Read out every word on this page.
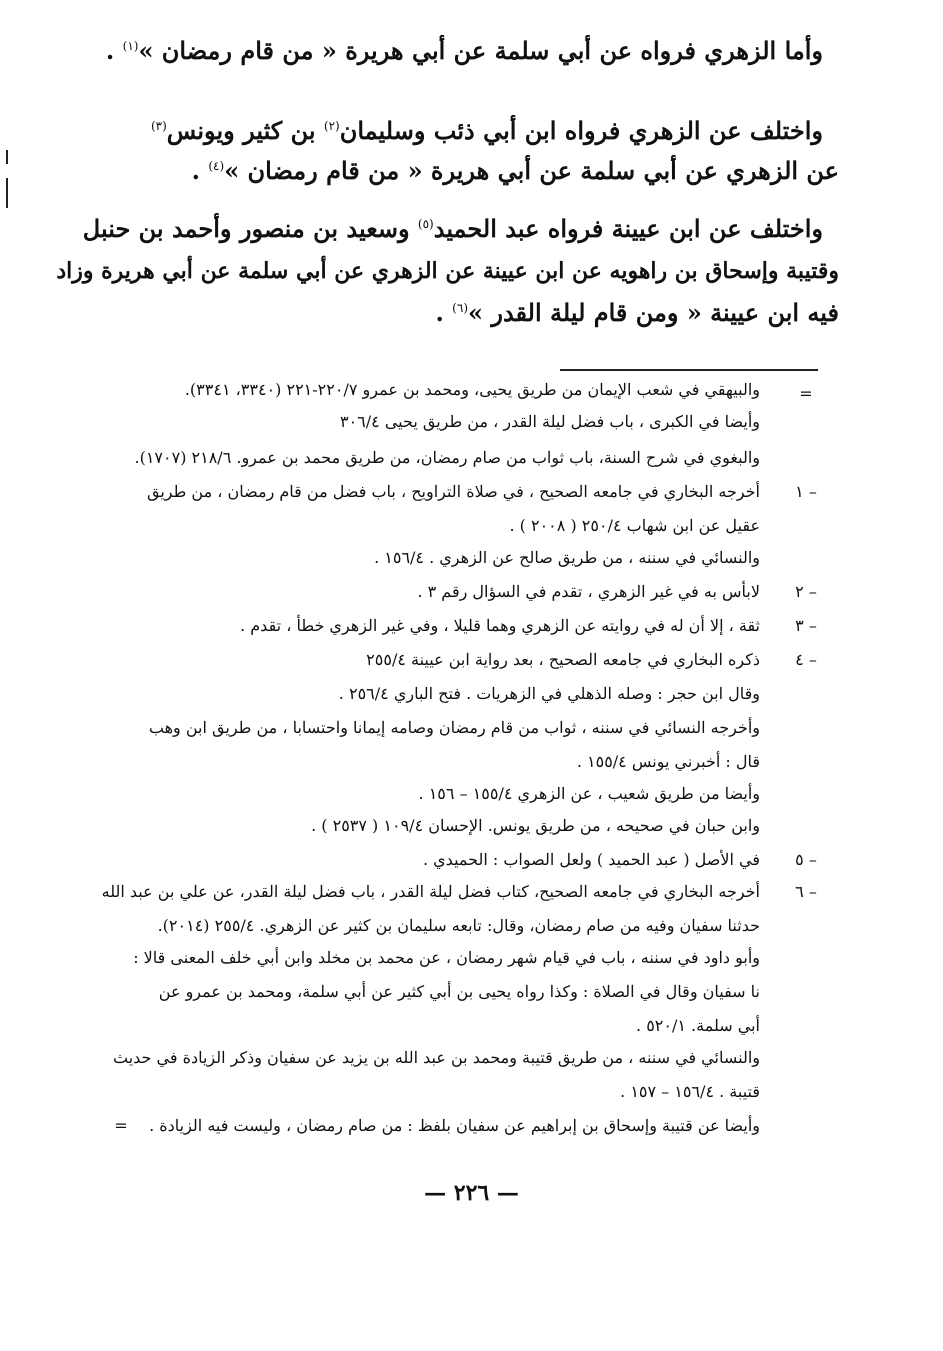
وأما الزهري فرواه عن أبي سلمة عن أبي هريرة « من قام رمضان »$^{(١)}$ .
واختلف عن الزهري فرواه ابن أبي ذئب وسليمان$^{(٢)}$ بن كثير ويونس$^{(٣)}$
عن الزهري عن أبي سلمة عن أبي هريرة « من قام رمضان »$^{(٤)}$ .
واختلف عن ابن عيينة فرواه عبد الحميد$^{(٥)}$ وسعيد بن منصور وأحمد بن حنبل
وقتيبة وإسحاق بن راهويه عن ابن عيينة عن الزهري عن أبي سلمة عن أبي هريرة وزاد
فيه ابن عيينة « ومن قام ليلة القدر »$^{(٦)}$ .
=
والبيهقي في شعب الإيمان من طريق يحيى، ومحمد بن عمرو ٢٢٠/٧-٢٢١ (٣٣٤٠، ٣٣٤١).
وأيضا في الكبرى ، باب فضل ليلة القدر ، من طريق يحيى ٣٠٦/٤
والبغوي في شرح السنة، باب ثواب من صام رمضان، من طريق محمد بن عمرو. ٢١٨/٦ (١٧٠٧).
١ –
أخرجه البخاري في جامعه الصحيح ، في صلاة التراويح ، باب فضل من قام رمضان ، من طريق
عقيل عن ابن شهاب ٢٥٠/٤ ( ٢٠٠٨ ) .
والنسائي في سننه ، من طريق صالح عن الزهري . ١٥٦/٤ .
٢ –
لابأس به في غير الزهري ، تقدم في السؤال رقم ٣ .
٣ –
ثقة ، إلا أن له في روايته عن الزهري وهما قليلا ، وفي غير الزهري خطأ ، تقدم .
٤ –
ذكره البخاري في جامعه الصحيح ، بعد رواية ابن عيينة ٢٥٥/٤
وقال ابن حجر : وصله الذهلي في الزهريات . فتح الباري ٢٥٦/٤ .
وأخرجه النسائي في سننه ، ثواب من قام رمضان وصامه إيمانا واحتسابا ، من طريق ابن وهب
قال : أخبرني يونس ١٥٥/٤ .
وأيضا من طريق شعيب ، عن الزهري ١٥٥/٤ – ١٥٦ .
وابن حبان في صحيحه ، من طريق يونس. الإحسان ١٠٩/٤ ( ٢٥٣٧ ) .
٥ –
في الأصل ( عبد الحميد ) ولعل الصواب : الحميدي .
٦ –
أخرجه البخاري في جامعه الصحيح، كتاب فضل ليلة القدر ، باب فضل ليلة القدر، عن علي بن عبد الله
حدثنا سفيان وفيه من صام رمضان، وقال: تابعه سليمان بن كثير عن الزهري. ٢٥٥/٤ (٢٠١٤).
وأبو داود في سننه ، باب في قيام شهر رمضان ، عن محمد بن مخلد وابن أبي خلف المعنى قالا :
نا سفيان وقال في الصلاة : وكذا رواه يحيى بن أبي كثير عن أبي سلمة، ومحمد بن عمرو عن
أبي سلمة. ٥٢٠/١ .
والنسائي في سننه ، من طريق قتيبة ومحمد بن عبد الله بن يزيد عن سفيان وذكر الزيادة في حديث
قتيبة . ١٥٦/٤ – ١٥٧ .
وأيضا عن قتيبة وإسحاق بن إبراهيم عن سفيان بلفظ : من صام رمضان ، وليست فيه الزيادة .
=
— ٢٢٦ —
